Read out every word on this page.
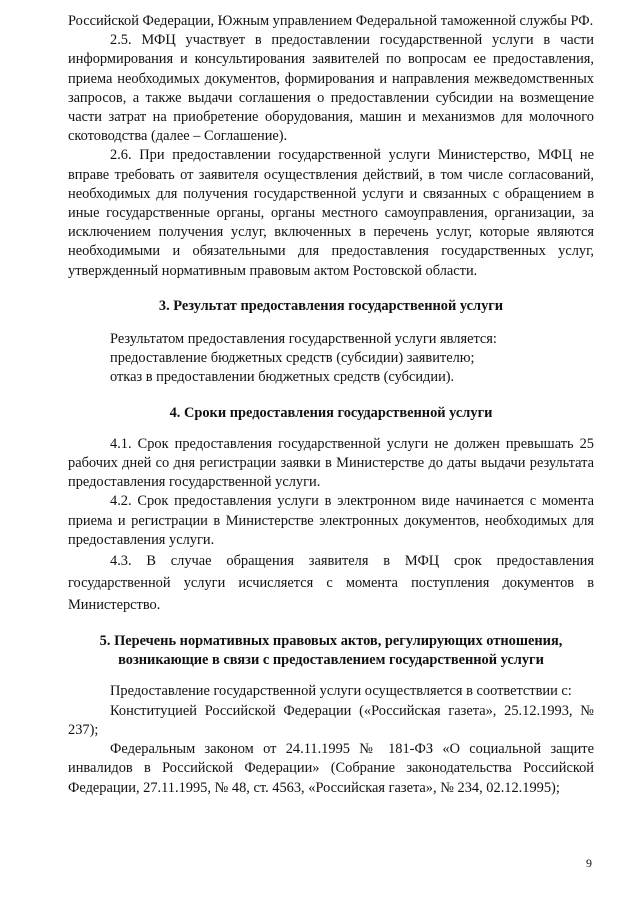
Российской Федерации, Южным управлением Федеральной таможенной службы РФ.

2.5. МФЦ участвует в предоставлении государственной услуги в части информирования и консультирования заявителей по вопросам ее предоставления, приема необходимых документов, формирования и направления межведомственных запросов, а также выдачи соглашения о предоставлении субсидии на возмещение части затрат на приобретение оборудования, машин и механизмов для молочного скотоводства (далее – Соглашение).

2.6. При предоставлении государственной услуги Министерство, МФЦ не вправе требовать от заявителя осуществления действий, в том числе согласований, необходимых для получения государственной услуги и связанных с обращением в иные государственные органы, органы местного самоуправления, организации, за исключением получения услуг, включенных в перечень услуг, которые являются необходимыми и обязательными для предоставления государственных услуг, утвержденный нормативным правовым актом Ростовской области.

3. Результат предоставления государственной услуги

Результатом предоставления государственной услуги является:

предоставление бюджетных средств (субсидии) заявителю;

отказ в предоставлении бюджетных средств (субсидии).

4. Сроки предоставления государственной услуги

4.1. Срок предоставления государственной услуги не должен превышать 25 рабочих дней со дня регистрации заявки в Министерстве до даты выдачи результата предоставления государственной услуги.

4.2. Срок предоставления услуги в электронном виде начинается с момента приема и регистрации в Министерстве электронных документов, необходимых для предоставления услуги.

4.3. В случае обращения заявителя в МФЦ срок предоставления государственной услуги исчисляется с момента поступления документов в Министерство.

5. Перечень нормативных правовых актов, регулирующих отношения,
возникающие в связи с предоставлением государственной услуги

Предоставление государственной услуги осуществляется в соответствии с:

Конституцией Российской Федерации («Российская газета», 25.12.1993, № 237);

Федеральным законом от 24.11.1995 № 181-ФЗ «О социальной защите инвалидов в Российской Федерации» (Собрание законодательства Российской Федерации, 27.11.1995, № 48, ст. 4563, «Российская газета», № 234, 02.12.1995);

9
